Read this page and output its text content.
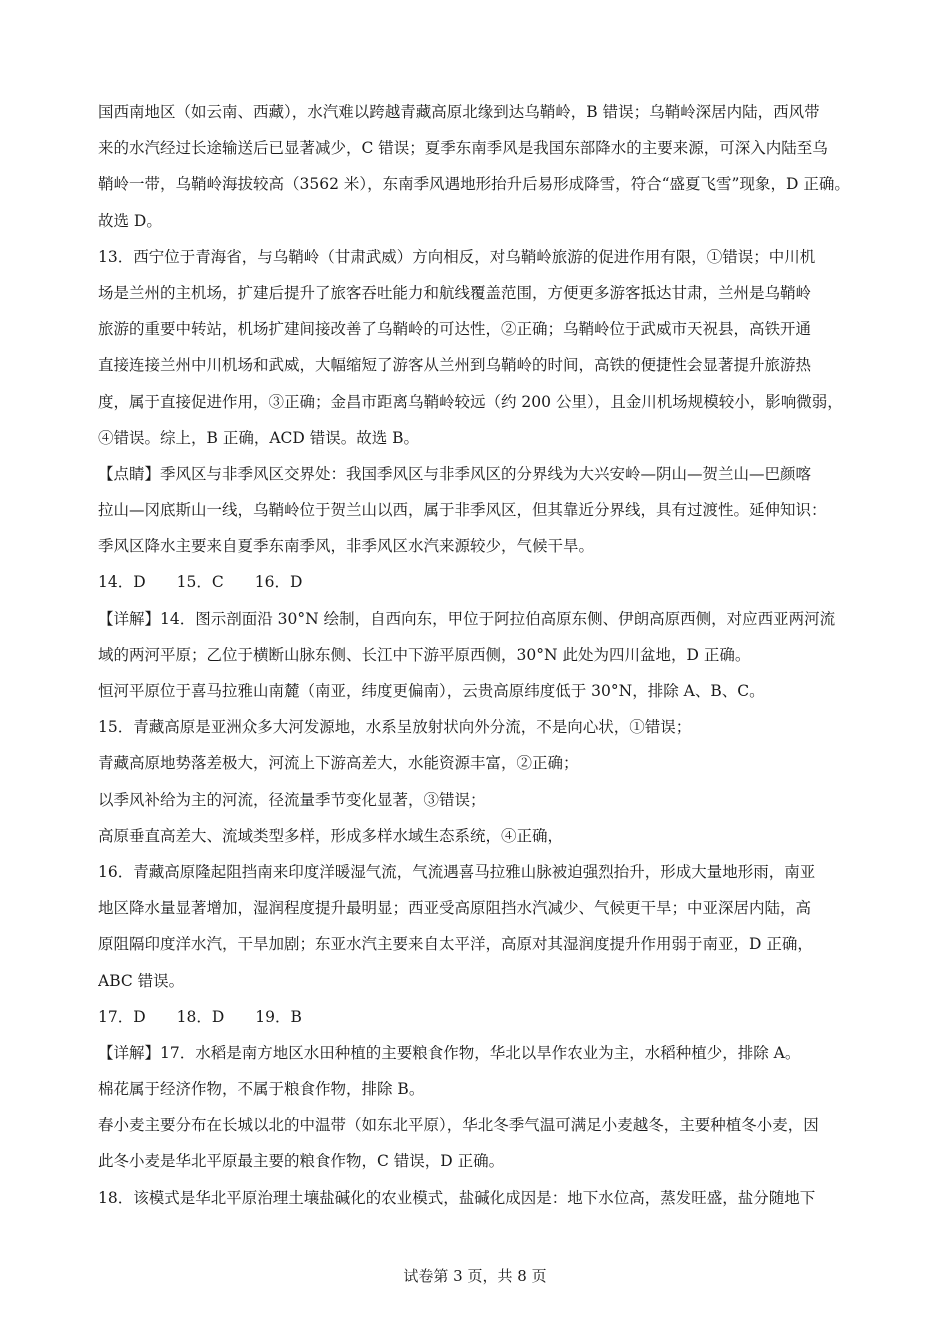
国西南地区（如云南、西藏），水汽难以跨越青藏高原北缘到达乌鞘岭，B 错误；乌鞘岭深居内陆，西风带
来的水汽经过长途输送后已显著减少，C 错误；夏季东南季风是我国东部降水的主要来源，可深入内陆至乌
鞘岭一带，乌鞘岭海拔较高（3562 米），东南季风遇地形抬升后易形成降雪，符合“盛夏飞雪”现象，D 正确。
故选 D。
13．西宁位于青海省，与乌鞘岭（甘肃武威）方向相反，对乌鞘岭旅游的促进作用有限，①错误；中川机
场是兰州的主机场，扩建后提升了旅客吞吐能力和航线覆盖范围，方便更多游客抵达甘肃，兰州是乌鞘岭
旅游的重要中转站，机场扩建间接改善了乌鞘岭的可达性，②正确；乌鞘岭位于武威市天祝县，高铁开通
直接连接兰州中川机场和武威，大幅缩短了游客从兰州到乌鞘岭的时间，高铁的便捷性会显著提升旅游热
度，属于直接促进作用，③正确；金昌市距离乌鞘岭较远（约 200 公里），且金川机场规模较小，影响微弱，
④错误。综上，B 正确，ACD 错误。故选 B。
【点睛】季风区与非季风区交界处：我国季风区与非季风区的分界线为大兴安岭—阴山—贺兰山—巴颜喀
拉山—冈底斯山一线，乌鞘岭位于贺兰山以西，属于非季风区，但其靠近分界线，具有过渡性。延伸知识：
季风区降水主要来自夏季东南季风，非季风区水汽来源较少，气候干旱。
14．D　　15．C　　16．D
【详解】14．图示剖面沿 30°N 绘制，自西向东，甲位于阿拉伯高原东侧、伊朗高原西侧，对应西亚两河流
域的两河平原；乙位于横断山脉东侧、长江中下游平原西侧，30°N 此处为四川盆地，D 正确。
恒河平原位于喜马拉雅山南麓（南亚，纬度更偏南），云贵高原纬度低于 30°N，排除 A、B、C。
15．青藏高原是亚洲众多大河发源地，水系呈放射状向外分流，不是向心状，①错误；
青藏高原地势落差极大，河流上下游高差大，水能资源丰富，②正确；
以季风补给为主的河流，径流量季节变化显著，③错误；
高原垂直高差大、流域类型多样，形成多样水域生态系统，④正确，
16．青藏高原隆起阻挡南来印度洋暖湿气流，气流遇喜马拉雅山脉被迫强烈抬升，形成大量地形雨，南亚
地区降水量显著增加，湿润程度提升最明显；西亚受高原阻挡水汽减少、气候更干旱；中亚深居内陆，高
原阻隔印度洋水汽，干旱加剧；东亚水汽主要来自太平洋，高原对其湿润度提升作用弱于南亚，D 正确，
ABC 错误。
17．D　　18．D　　19．B
【详解】17．水稻是南方地区水田种植的主要粮食作物，华北以旱作农业为主，水稻种植少，排除 A。
棉花属于经济作物，不属于粮食作物，排除 B。
春小麦主要分布在长城以北的中温带（如东北平原），华北冬季气温可满足小麦越冬，主要种植冬小麦，因
此冬小麦是华北平原最主要的粮食作物，C 错误，D 正确。
18．该模式是华北平原治理土壤盐碱化的农业模式，盐碱化成因是：地下水位高，蒸发旺盛，盐分随地下
试卷第 3 页，共 8 页
